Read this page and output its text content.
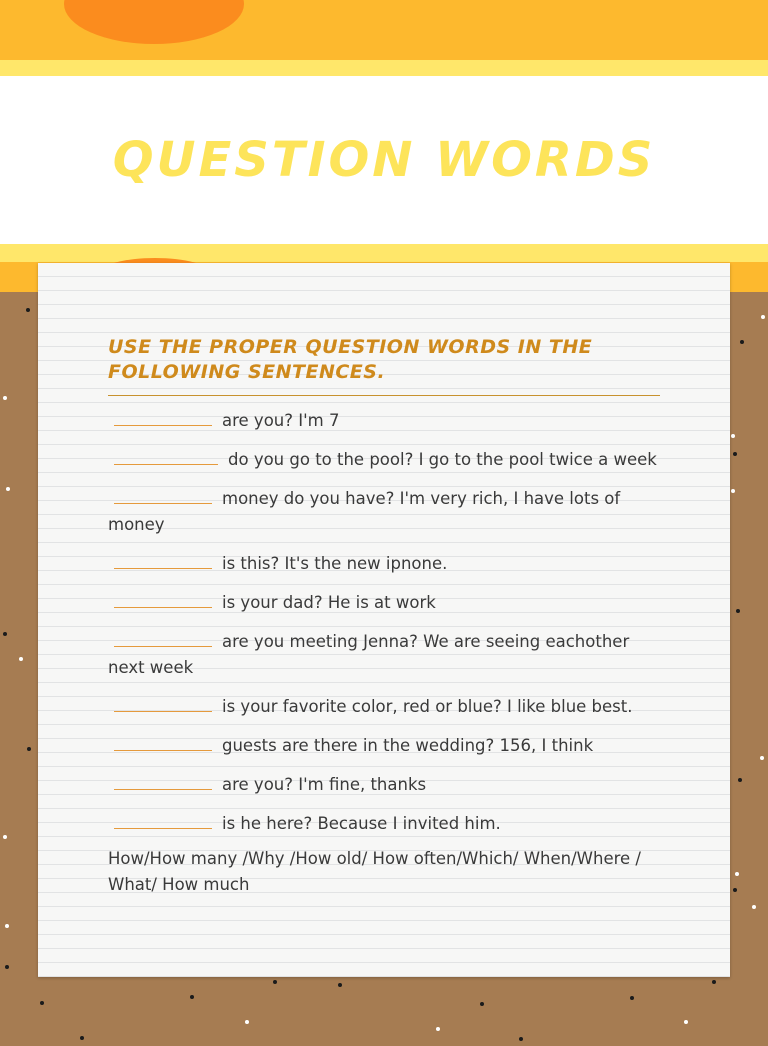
QUESTION WORDS
USE THE PROPER QUESTION WORDS IN THE FOLLOWING SENTENCES.
are you? I'm 7
do you go to the pool? I go to the pool twice a week
money do you have? I'm very rich, I have lots of money
is this? It's the new ipnone.
is your dad? He is at work
are you meeting Jenna? We are seeing eachother next week
is your favorite color, red or blue? I like blue best.
guests are there in the wedding? 156, I think
are you? I'm fine, thanks
is he here? Because I invited him.
How/How many /Why /How old/ How often/Which/ When/Where / What/ How much
